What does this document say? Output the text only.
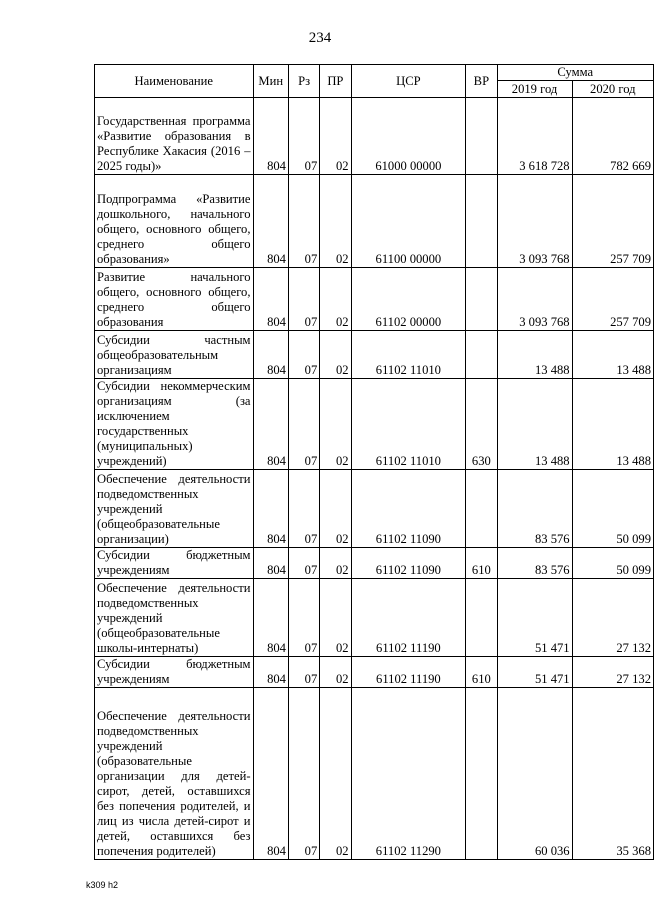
234
Наименование	Мин	Рз	ПР	ЦСР	ВР	Сумма	
						2019 год	2020 год
Государственная программа «Развитие образования в Республике Хакасия (2016 – 2025 годы)»	804	07	02	61000 00000		3 618 728	782 669
Подпрограмма «Развитие дошкольного, начального общего, основного общего, среднего общего образования»	804	07	02	61100 00000		3 093 768	257 709
Развитие начального общего, основного общего, среднего общего образования	804	07	02	61102 00000		3 093 768	257 709
Субсидии частным общеобразовательным организациям	804	07	02	61102 11010		13 488	13 488
Субсидии некоммерческим организациям (за исключением государственных (муниципальных) учреждений)	804	07	02	61102 11010	630	13 488	13 488
Обеспечение деятельности подведомственных учреждений (общеобразовательные организации)	804	07	02	61102 11090		83 576	50 099
Субсидии бюджетным учреждениям	804	07	02	61102 11090	610	83 576	50 099
Обеспечение деятельности подведомственных учреждений (общеобразовательные школы-интернаты)	804	07	02	61102 11190		51 471	27 132
Субсидии бюджетным учреждениям	804	07	02	61102 11190	610	51 471	27 132
Обеспечение деятельности подведомственных учреждений (образовательные организации для детей-сирот, детей, оставшихся без попечения родителей, и лиц из числа детей-сирот и детей, оставшихся без попечения родителей)	804	07	02	61102 11290		60 036	35 368
k309 h2
